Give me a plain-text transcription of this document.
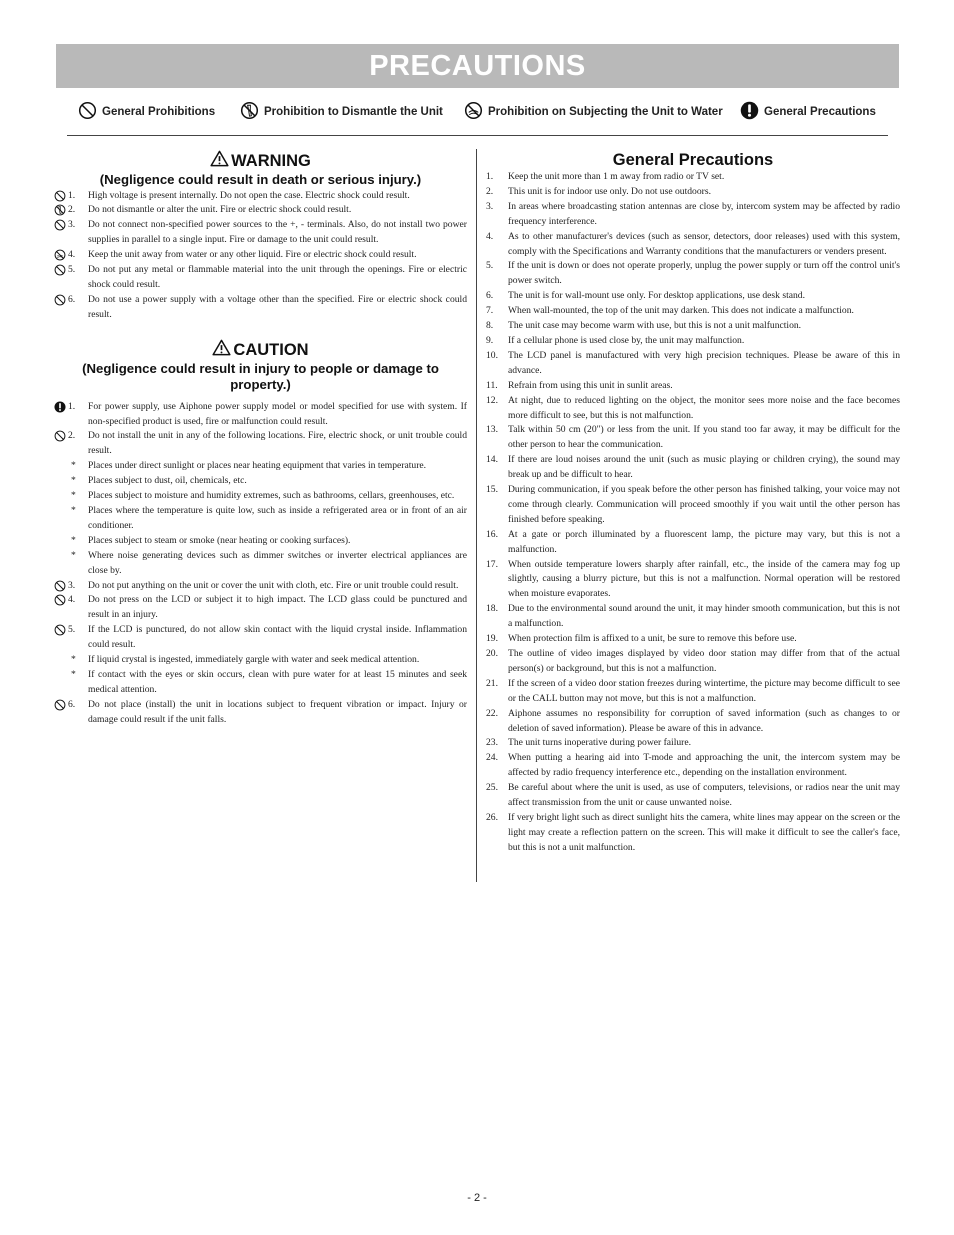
PRECAUTIONS
General Prohibitions	Prohibition to Dismantle the Unit	Prohibition on Subjecting the Unit to Water	General Precautions
WARNING
(Negligence could result in death or serious injury.)
1. High voltage is present internally. Do not open the case. Electric shock could result.
2. Do not dismantle or alter the unit. Fire or electric shock could result.
3. Do not connect non-specified power sources to the +, - terminals. Also, do not install two power supplies in parallel to a single input. Fire or damage to the unit could result.
4. Keep the unit away from water or any other liquid. Fire or electric shock could result.
5. Do not put any metal or flammable material into the unit through the openings. Fire or electric shock could result.
6. Do not use a power supply with a voltage other than the specified. Fire or electric shock could result.
CAUTION
(Negligence could result in injury to people or damage to property.)
1. For power supply, use Aiphone power supply model or model specified for use with system. If non-specified product is used, fire or malfunction could result.
2. Do not install the unit in any of the following locations. Fire, electric shock, or unit trouble could result.
* Places under direct sunlight or places near heating equipment that varies in temperature.
* Places subject to dust, oil, chemicals, etc.
* Places subject to moisture and humidity extremes, such as bathrooms, cellars, greenhouses, etc.
* Places where the temperature is quite low, such as inside a refrigerated area or in front of an air conditioner.
* Places subject to steam or smoke (near heating or cooking surfaces).
* Where noise generating devices such as dimmer switches or inverter electrical appliances are close by.
3. Do not put anything on the unit or cover the unit with cloth, etc. Fire or unit trouble could result.
4. Do not press on the LCD or subject it to high impact. The LCD glass could be punctured and result in an injury.
5. If the LCD is punctured, do not allow skin contact with the liquid crystal inside. Inflammation could result.
* If liquid crystal is ingested, immediately gargle with water and seek medical attention.
* If contact with the eyes or skin occurs, clean with pure water for at least 15 minutes and seek medical attention.
6. Do not place (install) the unit in locations subject to frequent vibration or impact. Injury or damage could result if the unit falls.
General Precautions
1. Keep the unit more than 1 m away from radio or TV set.
2. This unit is for indoor use only. Do not use outdoors.
3. In areas where broadcasting station antennas are close by, intercom system may be affected by radio frequency interference.
4. As to other manufacturer's devices (such as sensor, detectors, door releases) used with this system, comply with the Specifications and Warranty conditions that the manufacturers or venders present.
5. If the unit is down or does not operate properly, unplug the power supply or turn off the control unit's power switch.
6. The unit is for wall-mount use only. For desktop applications, use desk stand.
7. When wall-mounted, the top of the unit may darken. This does not indicate a malfunction.
8. The unit case may become warm with use, but this is not a unit malfunction.
9. If a cellular phone is used close by, the unit may malfunction.
10. The LCD panel is manufactured with very high precision techniques. Please be aware of this in advance.
11. Refrain from using this unit in sunlit areas.
12. At night, due to reduced lighting on the object, the monitor sees more noise and the face becomes more difficult to see, but this is not malfunction.
13. Talk within 50 cm (20") or less from the unit. If you stand too far away, it may be difficult for the other person to hear the communication.
14. If there are loud noises around the unit (such as music playing or children crying), the sound may break up and be difficult to hear.
15. During communication, if you speak before the other person has finished talking, your voice may not come through clearly. Communication will proceed smoothly if you wait until the other person has finished before speaking.
16. At a gate or porch illuminated by a fluorescent lamp, the picture may vary, but this is not a malfunction.
17. When outside temperature lowers sharply after rainfall, etc., the inside of the camera may fog up slightly, causing a blurry picture, but this is not a malfunction. Normal operation will be restored when moisture evaporates.
18. Due to the environmental sound around the unit, it may hinder smooth communication, but this is not a malfunction.
19. When protection film is affixed to a unit, be sure to remove this before use.
20. The outline of video images displayed by video door station may differ from that of the actual person(s) or background, but this is not a malfunction.
21. If the screen of a video door station freezes during wintertime, the picture may become difficult to see or the CALL button may not move, but this is not a malfunction.
22. Aiphone assumes no responsibility for corruption of saved information (such as changes to or deletion of saved information). Please be aware of this in advance.
23. The unit turns inoperative during power failure.
24. When putting a hearing aid into T-mode and approaching the unit, the intercom system may be affected by radio frequency interference etc., depending on the installation environment.
25. Be careful about where the unit is used, as use of computers, televisions, or radios near the unit may affect transmission from the unit or cause unwanted noise.
26. If very bright light such as direct sunlight hits the camera, white lines may appear on the screen or the light may create a reflection pattern on the screen. This will make it difficult to see the caller's face, but this is not a unit malfunction.
- 2 -
